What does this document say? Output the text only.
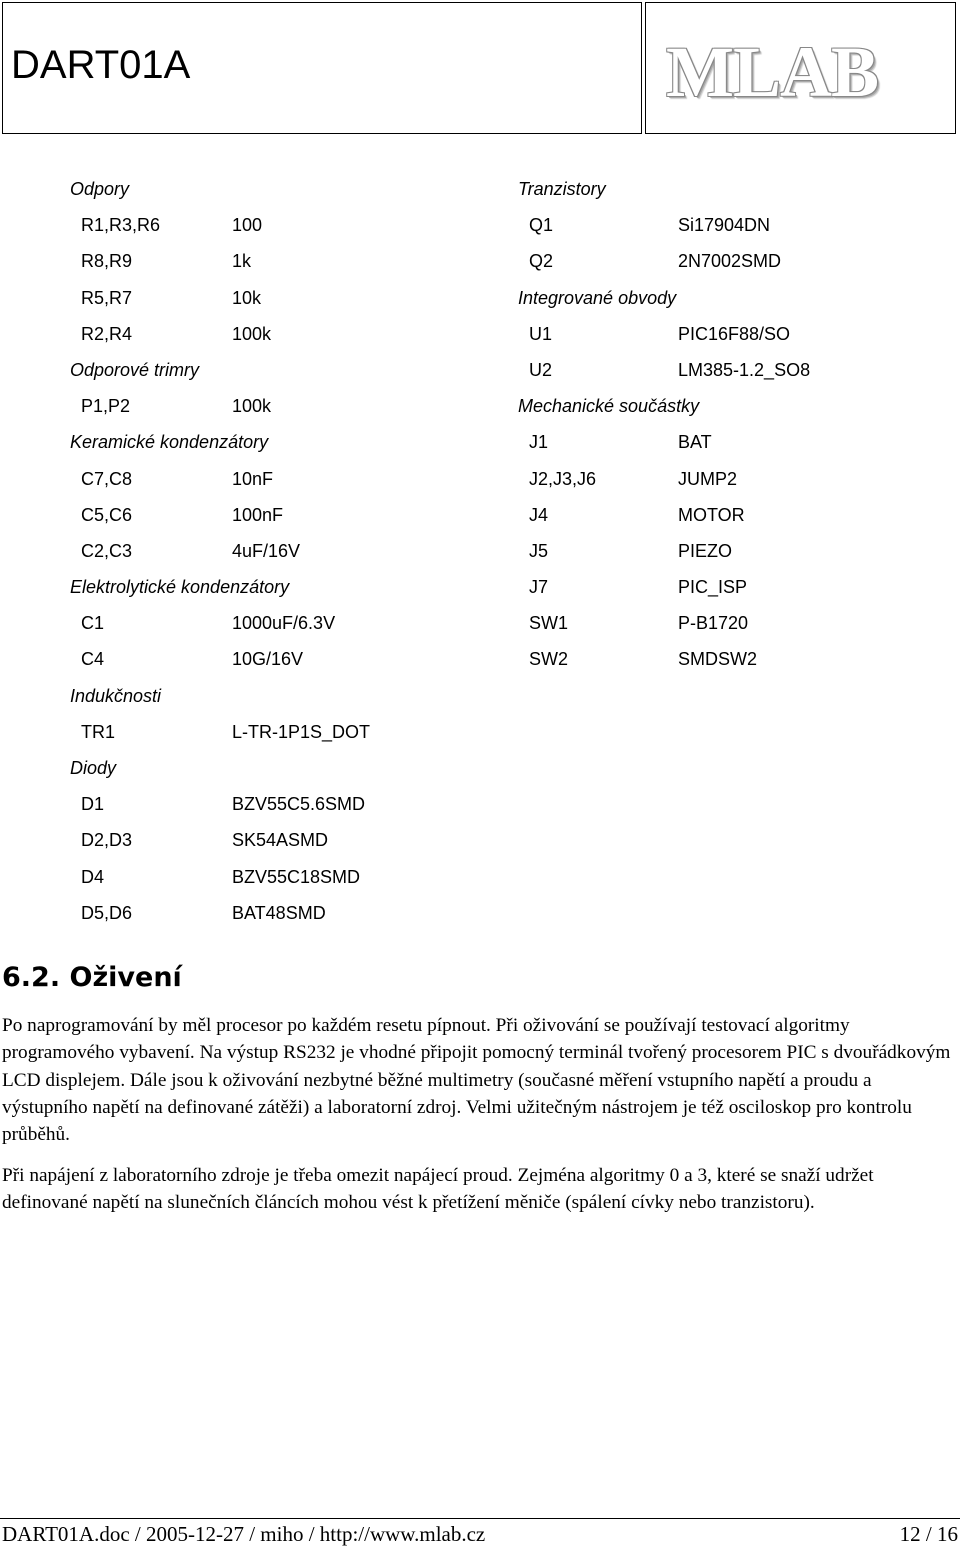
DART01A	MLAB
Odpory
R1,R3,R6	100
R8,R9	1k
R5,R7	10k
R2,R4	100k
Odporové trimry
P1,P2	100k
Keramické kondenzátory
C7,C8	10nF
C5,C6	100nF
C2,C3	4uF/16V
Elektrolytické kondenzátory
C1	1000uF/6.3V
C4	10G/16V
Indukčnosti
TR1	L-TR-1P1S_DOT
Diody
D1	BZV55C5.6SMD
D2,D3	SK54ASMD
D4	BZV55C18SMD
D5,D6	BAT48SMD
Tranzistory
Q1	Si17904DN
Q2	2N7002SMD
Integrované obvody
U1	PIC16F88/SO
U2	LM385-1.2_SO8
Mechanické součástky
J1	BAT
J2,J3,J6	JUMP2
J4	MOTOR
J5	PIEZO
J7	PIC_ISP
SW1	P-B1720
SW2	SMDSW2
6.2. Oživení

Po naprogramování by měl procesor po každém resetu pípnout. Při oživování se používají testovací algoritmy programového vybavení. Na výstup RS232 je vhodné připojit pomocný terminál tvořený procesorem PIC s dvouřádkovým LCD displejem. Dále jsou k oživování nezbytné běžné multimetry (současné měření vstupního napětí a proudu a výstupního napětí na definované zátěži) a laboratorní zdroj. Velmi užitečným nástrojem je též osciloskop pro kontrolu průběhů.

Při napájení z laboratorního zdroje je třeba omezit napájecí proud. Zejména algoritmy 0 a 3, které se snaží udržet definované napětí na slunečních článcích mohou vést k přetížení měniče (spálení cívky nebo tranzistoru).

DART01A.doc / 2005-12-27 / miho / http://www.mlab.cz	12 / 16
